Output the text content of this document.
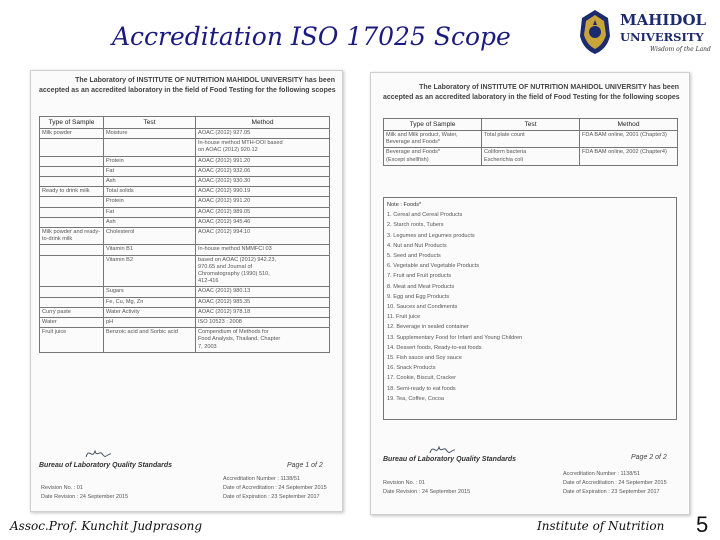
Accreditation ISO 17025 Scope
MAHIDOL
UNIVERSITY
Wisdom of the Land
The Laboratory of INSTITUTE OF NUTRITION MAHIDOL UNIVERSITY has been
accepted as an accredited laboratory in the field of Food Testing for the following scopes
Type of Sample	Test	Method
Milk powder	Moisture	AOAC (2012) 927.05

		In-house method MTH-OOI based
on AOAC (2012) 920.12

	Protein	AOAC (2012) 991.20

	Fat	AOAC (2012) 932.06

	Ash	AOAC (2012) 930.30

Ready to drink milk	Total solids	AOAC (2012) 990.19

	Protein	AOAC (2012) 991.20

	Fat	AOAC (2012) 989.05

	Ash	AOAC (2012) 945.46

Milk powder and ready-to-drink milk	Cholesterol	AOAC (2012) 994.10

	Vitamin B1	In-house method NMMFCI 03

	Vitamin B2	based on AOAC (2012) 942.23,
970.65 and Journal of
Chromatography (1990) 510,
412-416

	Sugars	AOAC (2012) 980.13

	Fe, Cu, Mg, Zn	AOAC (2012) 985.35

Curry paste	Water Activity	AOAC (2012) 978.18

Water	pH	ISO 10523 : 2008

Fruit juice	Benzoic acid and Sorbic acid	Compendium of Methods for
Food Analysis, Thailand, Chapter
7, 2003
Bureau of Laboratory Quality Standards	Page 1 of 2
Accreditation Number : 1138/51
Date of Accreditation : 24 September 2015
Revision No. : 01
Date of Expiration : 23 September 2017
Date Revision : 24 September 2015
The Laboratory of INSTITUTE OF NUTRITION MAHIDOL UNIVERSITY has been
accepted as an accredited laboratory in the field of Food Testing for the following scopes
Type of Sample	Test	Method

Milk and Milk product, Water,
Beverage and Foods*	Total plate count	FDA BAM online, 2001 (Chapter3)

Beverage and Foods*
(Except shellfish)	Coliform bacteria
Escherichia coli	FDA BAM online, 2002 (Chapter4)
Note : Foods*
1. Cereal and Cereal Products
2. Starch roots, Tubers
3. Legumes and Legumes products
4. Nut and Nut Products
5. Seed and Products
6. Vegetable and Vegetable Products
7. Fruit and Fruit products
8. Meat and Meat Products
9. Egg and Egg Products
10. Sauces and Condiments
11. Fruit juice
12. Beverage in sealed container
13. Supplementary Food for Infant and Young Children
14. Dessert foods, Ready-to-eat foods
15. Fish sauce and Soy sauce
16. Snack Products
17. Cookie, Biscuit, Cracker
18. Semi-ready to eat foods
19. Tea, Coffee, Cocoa
Bureau of Laboratory Quality Standards	Page 2 of 2
Accreditation Number : 1138/51
Date of Accreditation : 24 September 2015
Revision No. : 01
Date of Expiration : 23 September 2017
Date Revision : 24 September 2015
Assoc.Prof. Kunchit Judprasong	Institute of Nutrition 5
